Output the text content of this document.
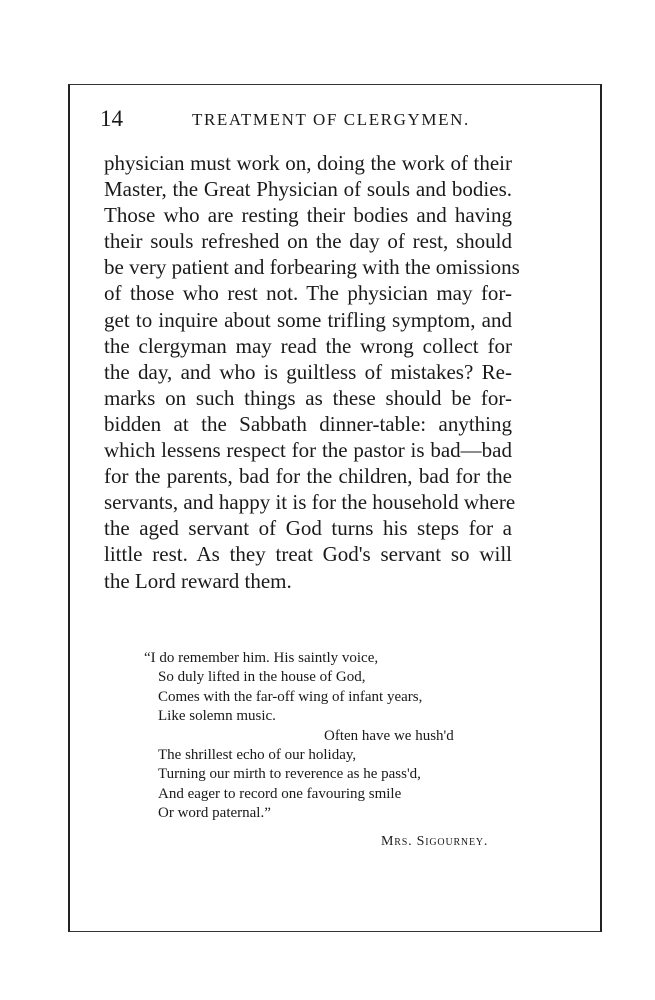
14	TREATMENT OF CLERGYMEN.
physician must work on, doing the work of their
Master, the Great Physician of souls and bodies.
Those who are resting their bodies and having
their souls refreshed on the day of rest, should
be very patient and forbearing with the omissions
of those who rest not. The physician may for-
get to inquire about some trifling symptom, and
the clergyman may read the wrong collect for
the day, and who is guiltless of mistakes? Re-
marks on such things as these should be for-
bidden at the Sabbath dinner-table: anything
which lessens respect for the pastor is bad—bad
for the parents, bad for the children, bad for the
servants, and happy it is for the household where
the aged servant of God turns his steps for a
little rest. As they treat God's servant so will
the Lord reward them.
“I do remember him. His saintly voice,
So duly lifted in the house of God,
Comes with the far-off wing of infant years,
Like solemn music.
Often have we hush'd
The shrillest echo of our holiday,
Turning our mirth to reverence as he pass'd,
And eager to record one favouring smile
Or word paternal.”
Mrs. Sigourney.
